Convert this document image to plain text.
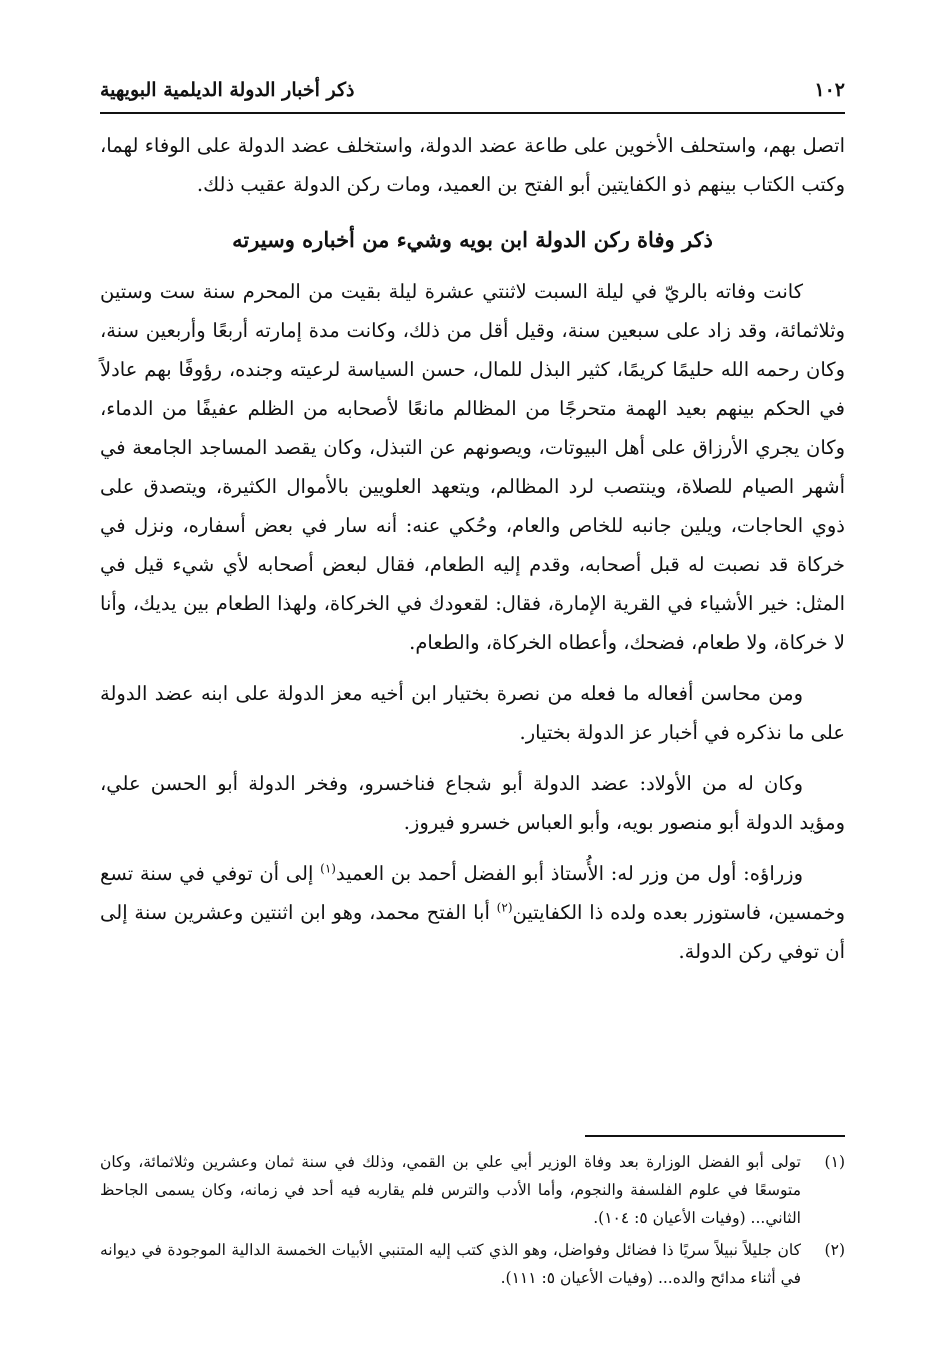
١٠٢
ذكر أخبار الدولة الديلمية البويهية

اتصل بهم، واستحلف الأخوين على طاعة عضد الدولة، واستخلف عضد الدولة على الوفاء لهما، وكتب الكتاب بينهم ذو الكفايتين أبو الفتح بن العميد، ومات ركن الدولة عقيب ذلك.

ذكر وفاة ركن الدولة ابن بويه وشيء من أخباره وسيرته

كانت وفاته بالريّ في ليلة السبت لاثنتي عشرة ليلة بقيت من المحرم سنة ست وستين وثلاثمائة، وقد زاد على سبعين سنة، وقيل أقل من ذلك، وكانت مدة إمارته أربعًا وأربعين سنة، وكان رحمه الله حليمًا كريمًا، كثير البذل للمال، حسن السياسة لرعيته وجنده، رؤوفًا بهم عادلاً في الحكم بينهم بعيد الهمة متحرجًا من المظالم مانعًا لأصحابه من الظلم عفيفًا من الدماء، وكان يجري الأرزاق على أهل البيوتات، ويصونهم عن التبذل، وكان يقصد المساجد الجامعة في أشهر الصيام للصلاة، وينتصب لرد المظالم، ويتعهد العلويين بالأموال الكثيرة، ويتصدق على ذوي الحاجات، ويلين جانبه للخاص والعام، وحُكي عنه: أنه سار في بعض أسفاره، ونزل في خركاة قد نصبت له قبل أصحابه، وقدم إليه الطعام، فقال لبعض أصحابه لأي شيء قيل في المثل: خير الأشياء في القرية الإمارة، فقال: لقعودك في الخركاة، ولهذا الطعام بين يديك، وأنا لا خركاة، ولا طعام، فضحك، وأعطاه الخركاة، والطعام.

ومن محاسن أفعاله ما فعله من نصرة بختيار ابن أخيه معز الدولة على ابنه عضد الدولة على ما نذكره في أخبار عز الدولة بختيار.

وكان له من الأولاد: عضد الدولة أبو شجاع فناخسرو، وفخر الدولة أبو الحسن علي، ومؤيد الدولة أبو منصور بويه، وأبو العباس خسرو فيروز.

وزراؤه: أول من وزر له: الأُستاذ أبو الفضل أحمد بن العميد$^{(١)}$ إلى أن توفي في سنة تسع وخمسين، فاستوزر بعده ولده ذا الكفايتين$^{(٢)}$ أبا الفتح محمد، وهو ابن اثنتين وعشرين سنة إلى أن توفي ركن الدولة.

(١)
تولى أبو الفضل الوزارة بعد وفاة الوزير أبي علي بن القمي، وذلك في سنة ثمان وعشرين وثلاثمائة، وكان متوسعًا في علوم الفلسفة والنجوم، وأما الأدب والترس فلم يقاربه فيه أحد في زمانه، وكان يسمى الجاحظ الثاني... (وفيات الأعيان ٥: ١٠٤).
(٢)
كان جليلاً نبيلاً سريًا ذا فضائل وفواضل، وهو الذي كتب إليه المتنبي الأبيات الخمسة الدالية الموجودة في ديوانه في أثناء مدائح والده... (وفيات الأعيان ٥: ١١١).
